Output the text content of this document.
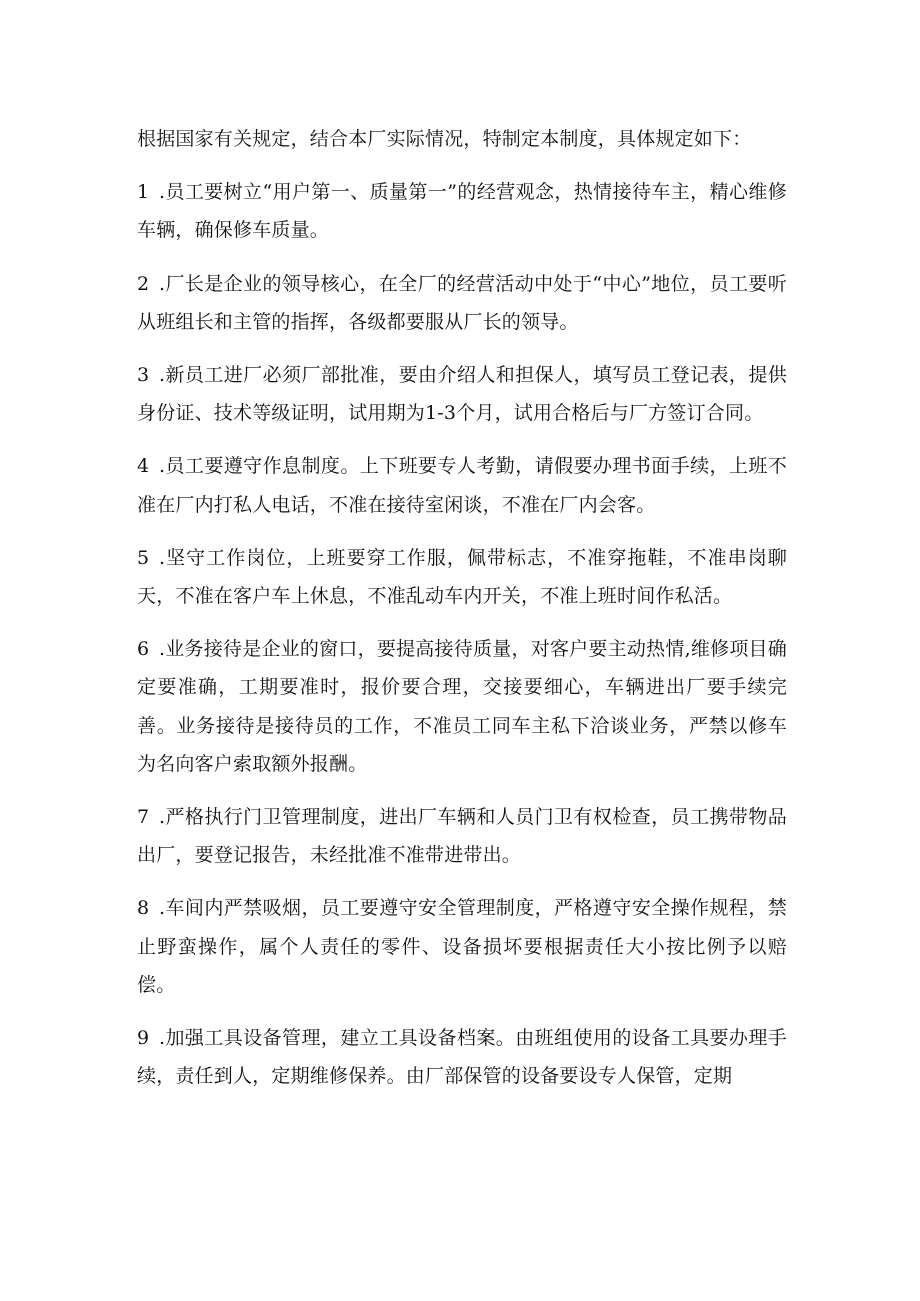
根据国家有关规定，结合本厂实际情况，特制定本制度，具体规定如下：

1 .员工要树立“用户第一、质量第一”的经营观念，热情接待车主，精心维修车辆，确保修车质量。

2 .厂长是企业的领导核心，在全厂的经营活动中处于“中心”地位，员工要听从班组长和主管的指挥，各级都要服从厂长的领导。

3 .新员工进厂必须厂部批准，要由介绍人和担保人，填写员工登记表，提供身份证、技术等级证明，试用期为1-3个月，试用合格后与厂方签订合同。

4 .员工要遵守作息制度。上下班要专人考勤，请假要办理书面手续，上班不准在厂内打私人电话，不准在接待室闲谈，不准在厂内会客。

5 .坚守工作岗位，上班要穿工作服，佩带标志，不准穿拖鞋，不准串岗聊天，不准在客户车上休息，不准乱动车内开关，不准上班时间作私活。

6 .业务接待是企业的窗口，要提高接待质量，对客户要主动热情,维修项目确定要准确，工期要准时，报价要合理，交接要细心，车辆进出厂要手续完善。业务接待是接待员的工作，不准员工同车主私下洽谈业务，严禁以修车为名向客户索取额外报酬。

7 .严格执行门卫管理制度，进出厂车辆和人员门卫有权检查，员工携带物品出厂，要登记报告，未经批准不准带进带出。

8 .车间内严禁吸烟，员工要遵守安全管理制度，严格遵守安全操作规程，禁止野蛮操作，属个人责任的零件、设备损坏要根据责任大小按比例予以赔偿。

9 .加强工具设备管理，建立工具设备档案。由班组使用的设备工具要办理手续，责任到人，定期维修保养。由厂部保管的设备要设专人保管，定期
